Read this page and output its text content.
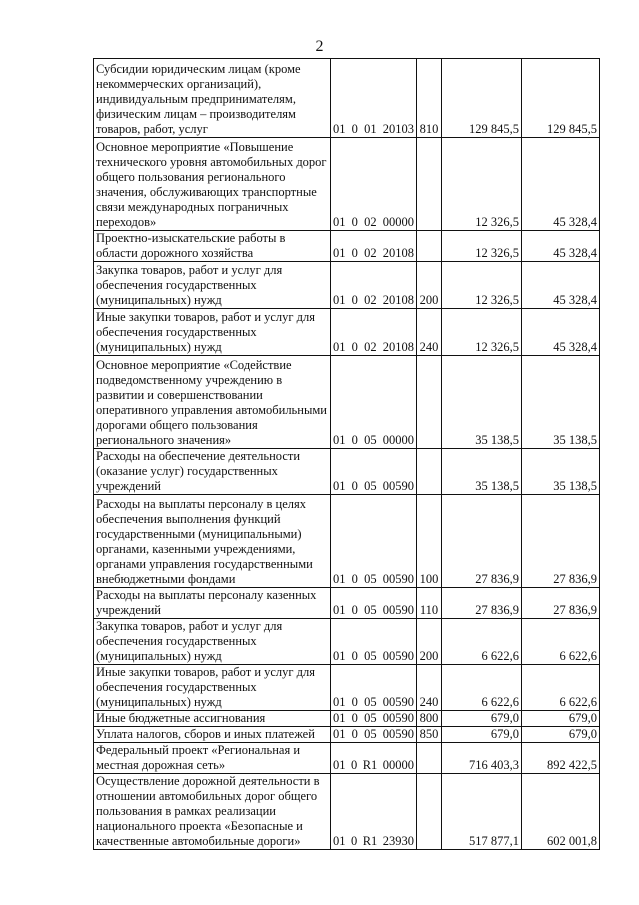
2
Субсидии юридическим лицам (кроме некоммерческих организаций), индивидуальным предпринимателям, физическим лицам – производителям товаров, работ, услуг	01 0 01 20103	810	129 845,5	129 845,5
Основное мероприятие «Повышение технического уровня автомобильных дорог общего пользования регионального значения, обслуживающих транспортные связи международных пограничных переходов»	01 0 02 00000		12 326,5	45 328,4
Проектно-изыскательские работы в области дорожного хозяйства	01 0 02 20108		12 326,5	45 328,4
Закупка товаров, работ и услуг для обеспечения государственных (муниципальных) нужд	01 0 02 20108	200	12 326,5	45 328,4
Иные закупки товаров, работ и услуг для обеспечения государственных (муниципальных) нужд	01 0 02 20108	240	12 326,5	45 328,4
Основное мероприятие «Содействие подведомственному учреждению в развитии и совершенствовании оперативного управления автомобильными дорогами общего пользования регионального значения»	01 0 05 00000		35 138,5	35 138,5
Расходы на обеспечение деятельности (оказание услуг) государственных учреждений	01 0 05 00590		35 138,5	35 138,5
Расходы на выплаты персоналу в целях обеспечения выполнения функций государственными (муниципальными) органами, казенными учреждениями, органами управления государственными внебюджетными фондами	01 0 05 00590	100	27 836,9	27 836,9
Расходы на выплаты персоналу казенных учреждений	01 0 05 00590	110	27 836,9	27 836,9
Закупка товаров, работ и услуг для обеспечения государственных (муниципальных) нужд	01 0 05 00590	200	6 622,6	6 622,6
Иные закупки товаров, работ и услуг для обеспечения государственных (муниципальных) нужд	01 0 05 00590	240	6 622,6	6 622,6
Иные бюджетные ассигнования	01 0 05 00590	800	679,0	679,0
Уплата налогов, сборов и иных платежей	01 0 05 00590	850	679,0	679,0
Федеральный проект «Региональная и местная дорожная сеть»	01 0 R1 00000		716 403,3	892 422,5
Осуществление дорожной деятельности в отношении автомобильных дорог общего пользования в рамках реализации национального проекта «Безопасные и качественные автомобильные дороги»	01 0 R1 23930		517 877,1	602 001,8
